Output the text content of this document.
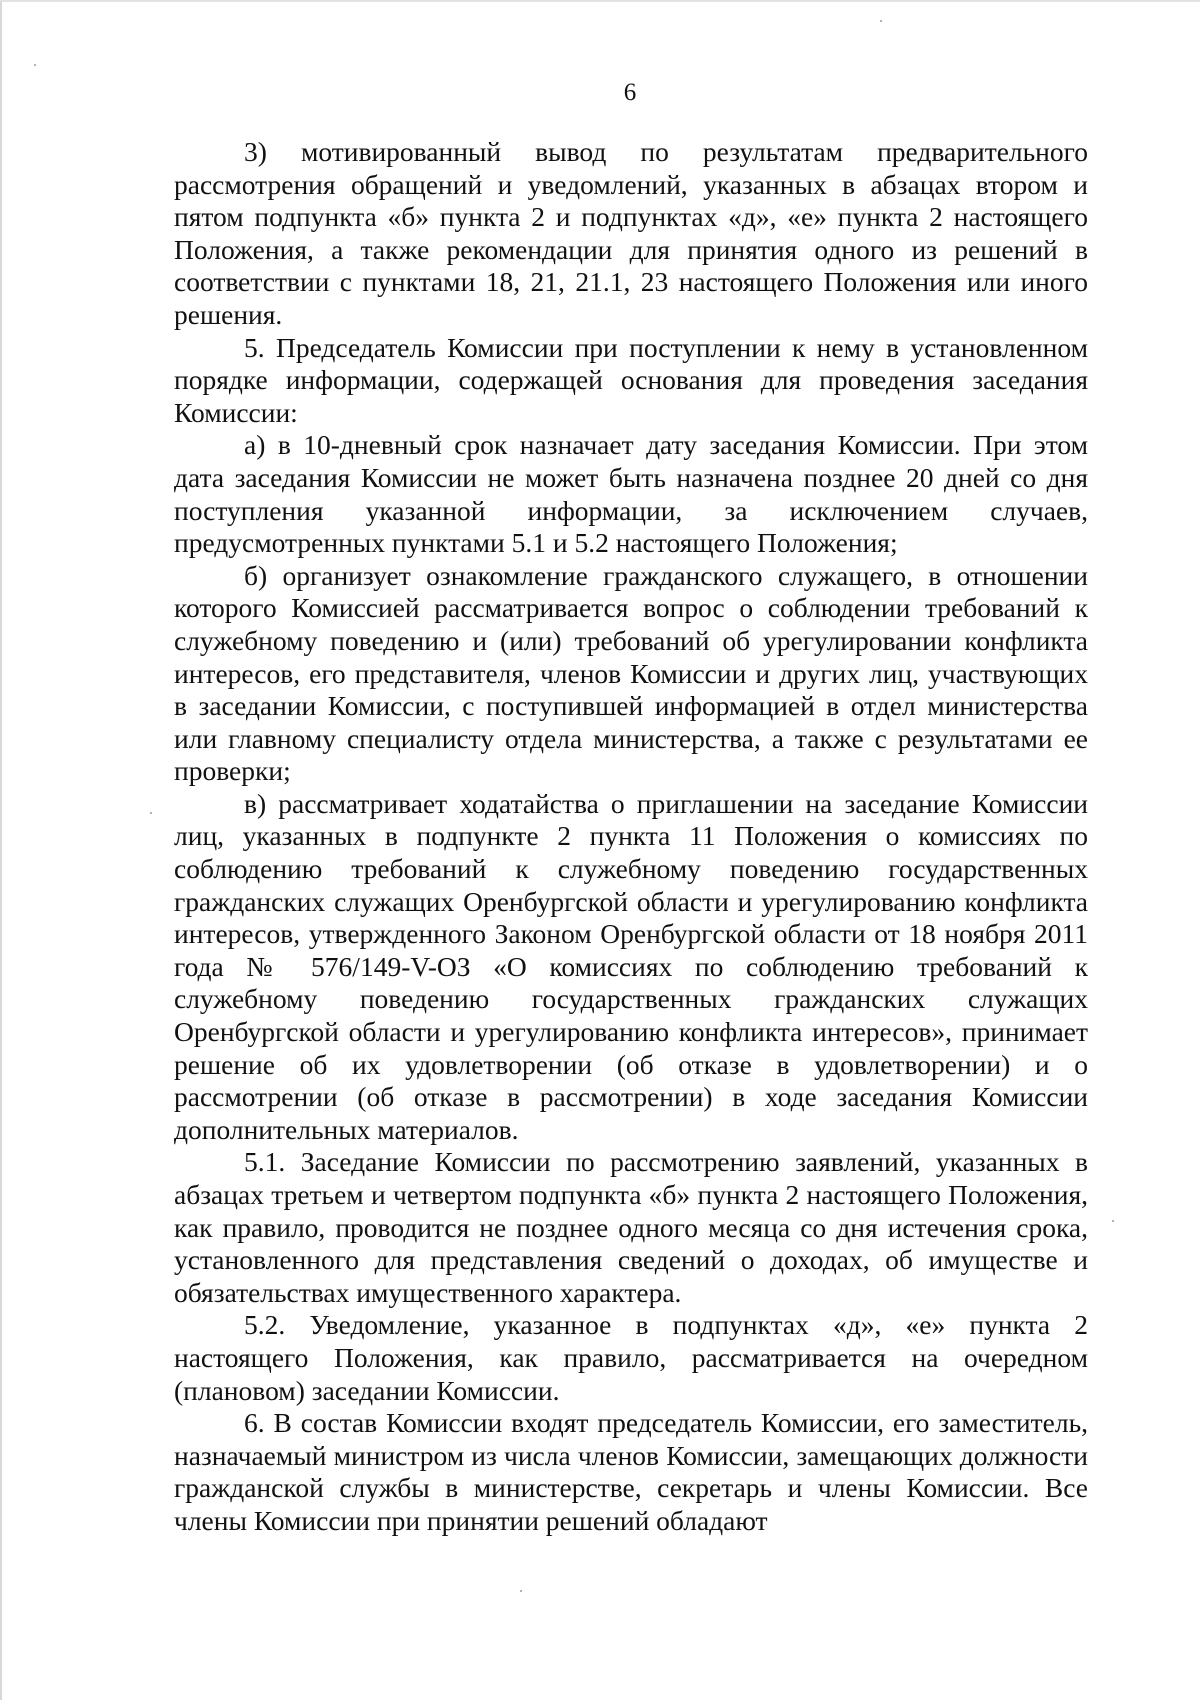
6

3) мотивированный вывод по результатам предварительного рассмотрения обращений и уведомлений, указанных в абзацах втором и пятом подпункта «б» пункта 2 и подпунктах «д», «е» пункта 2 настоящего Положения, а также рекомендации для принятия одного из решений в соответствии с пунктами 18, 21, 21.1, 23 настоящего Положения или иного решения.

5. Председатель Комиссии при поступлении к нему в установленном порядке информации, содержащей основания для проведения заседания Комиссии:

а) в 10-дневный срок назначает дату заседания Комиссии. При этом дата заседания Комиссии не может быть назначена позднее 20 дней со дня поступления указанной информации, за исключением случаев, предусмотренных пунктами 5.1 и 5.2 настоящего Положения;

б) организует ознакомление гражданского служащего, в отношении которого Комиссией рассматривается вопрос о соблюдении требований к служебному поведению и (или) требований об урегулировании конфликта интересов, его представителя, членов Комиссии и других лиц, участвующих в заседании Комиссии, с поступившей информацией в отдел министерства или главному специалисту отдела министерства, а также с результатами ее проверки;

в) рассматривает ходатайства о приглашении на заседание Комиссии лиц, указанных в подпункте 2 пункта 11 Положения о комиссиях по соблюдению требований к служебному поведению государственных гражданских служащих Оренбургской области и урегулированию конфликта интересов, утвержденного Законом Оренбургской области от 18 ноября 2011 года № 576/149-V-ОЗ «О комиссиях по соблюдению требований к служебному поведению государственных гражданских служащих Оренбургской области и урегулированию конфликта интересов», принимает решение об их удовлетворении (об отказе в удовлетворении) и о рассмотрении (об отказе в рассмотрении) в ходе заседания Комиссии дополнительных материалов.

5.1. Заседание Комиссии по рассмотрению заявлений, указанных в абзацах третьем и четвертом подпункта «б» пункта 2 настоящего Положения, как правило, проводится не позднее одного месяца со дня истечения срока, установленного для представления сведений о доходах, об имуществе и обязательствах имущественного характера.

5.2. Уведомление, указанное в подпунктах «д», «е» пункта 2 настоящего Положения, как правило, рассматривается на очередном (плановом) заседании Комиссии.

6. В состав Комиссии входят председатель Комиссии, его заместитель, назначаемый министром из числа членов Комиссии, замещающих должности гражданской службы в министерстве, секретарь и члены Комиссии. Все члены Комиссии при принятии решений обладают
